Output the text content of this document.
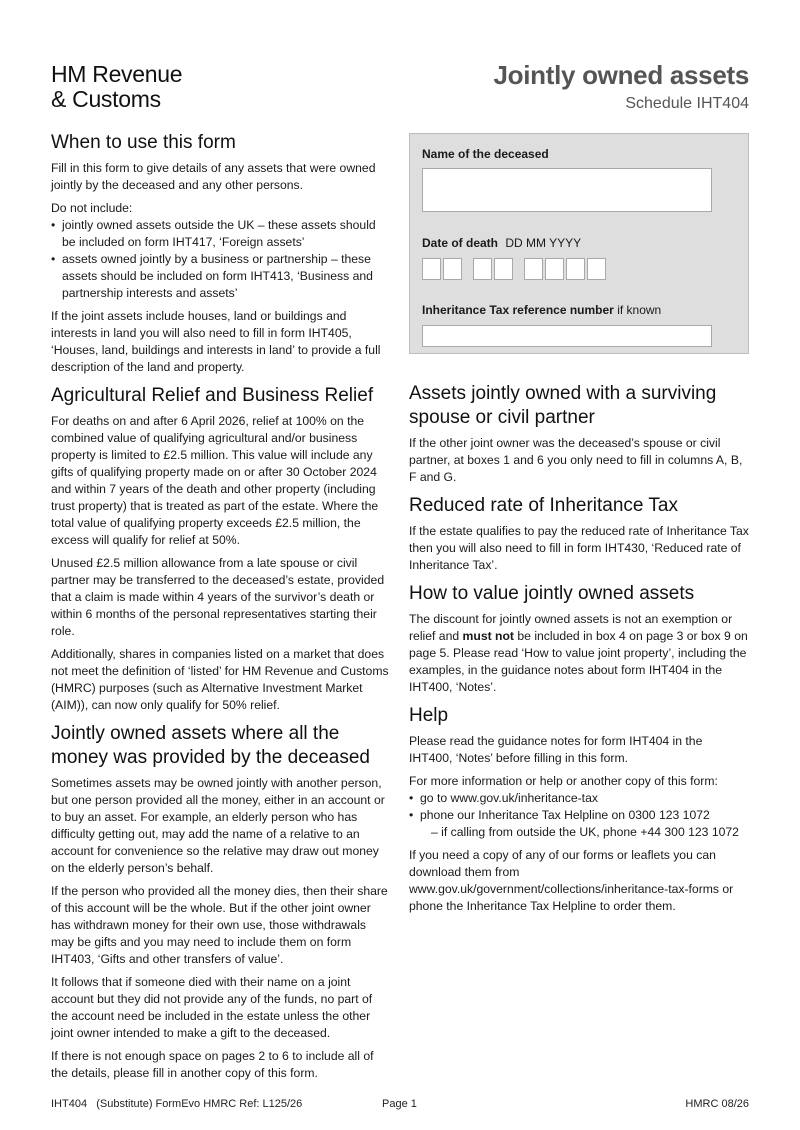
HM Revenue
& Customs
Jointly owned assets
Schedule IHT404
Name of the deceased
Date of death DD MM YYYY
Inheritance Tax reference number if known
When to use this form

Fill in this form to give details of any assets that were owned jointly by the deceased and any other persons.

Do not include:

• jointly owned assets outside the UK – these assets should be included on form IHT417, ‘Foreign assets’
• assets owned jointly by a business or partnership – these assets should be included on form IHT413, ‘Business and partnership interests and assets’

If the joint assets include houses, land or buildings and interests in land you will also need to fill in form IHT405, ‘Houses, land, buildings and interests in land’ to provide a full description of the land and property.

Agricultural Relief and Business Relief

For deaths on and after 6 April 2026, relief at 100% on the combined value of qualifying agricultural and/or business property is limited to £2.5 million. This value will include any gifts of qualifying property made on or after 30 October 2024 and within 7 years of the death and other property (including trust property) that is treated as part of the estate. Where the total value of qualifying property exceeds £2.5 million, the excess will qualify for relief at 50%.

Unused £2.5 million allowance from a late spouse or civil partner may be transferred to the deceased’s estate, provided that a claim is made within 4 years of the survivor’s death or within 6 months of the personal representatives starting their role.

Additionally, shares in companies listed on a market that does not meet the definition of ‘listed’ for HM Revenue and Customs (HMRC) purposes (such as Alternative Investment Market (AIM)), can now only qualify for 50% relief.

Jointly owned assets where all the money was provided by the deceased

Sometimes assets may be owned jointly with another person, but one person provided all the money, either in an account or to buy an asset. For example, an elderly person who has difficulty getting out, may add the name of a relative to an account for convenience so the relative may draw out money on the elderly person’s behalf.

If the person who provided all the money dies, then their share of this account will be the whole. But if the other joint owner has withdrawn money for their own use, those withdrawals may be gifts and you may need to include them on form IHT403, ‘Gifts and other transfers of value’.

It follows that if someone died with their name on a joint account but they did not provide any of the funds, no part of the account need be included in the estate unless the other joint owner intended to make a gift to the deceased.

If there is not enough space on pages 2 to 6 to include all of the details, please fill in another copy of this form.

Assets jointly owned with a surviving spouse or civil partner

If the other joint owner was the deceased’s spouse or civil partner, at boxes 1 and 6 you only need to fill in columns A, B, F and G.

Reduced rate of Inheritance Tax

If the estate qualifies to pay the reduced rate of Inheritance Tax then you will also need to fill in form IHT430, ‘Reduced rate of Inheritance Tax’.

How to value jointly owned assets

The discount for jointly owned assets is not an exemption or relief and must not be included in box 4 on page 3 or box 9 on page 5. Please read ‘How to value joint property’, including the examples, in the guidance notes about form IHT404 in the IHT400, ‘Notes’.

Help

Please read the guidance notes for form IHT404 in the IHT400, ‘Notes’ before filling in this form.

For more information or help or another copy of this form:

• go to www.gov.uk/inheritance-tax
• phone our Inheritance Tax Helpline on 0300 123 1072
– if calling from outside the UK, phone +44 300 123 1072

If you need a copy of any of our forms or leaflets you can download them from www.gov.uk/government/collections/inheritance-tax-forms or phone the Inheritance Tax Helpline to order them.

IHT404   (Substitute) FormEvo HMRC Ref: L125/26	Page 1	HMRC 08/26
